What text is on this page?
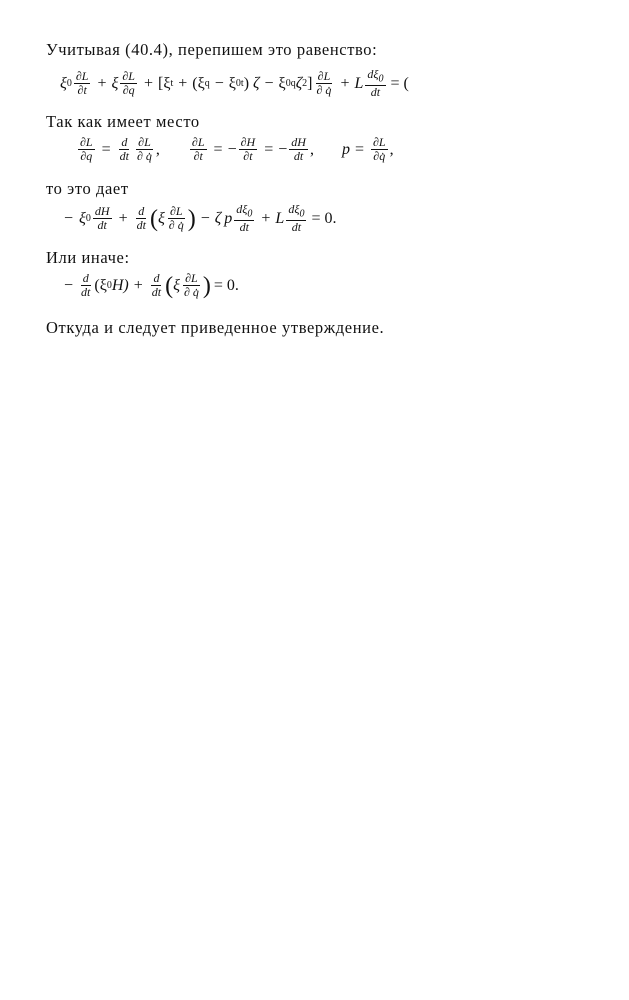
Учитывая (40.4), перепишем это равенство:
ξ $0 \frac{\partial L}{\partial t} + \xi \frac{\partial L}{\partial q} + [\xi$ t + (ξ q − ξ 0t ) ζ − ξ 0q ζ 2 ] $\frac{\partial L}{\partial q̇} + L \frac{d\xi_0}{dt}$ = (
Так как имеет место
$\frac{\partial L}{\partial q} = \frac{d}{dt} \frac{\partial L}{\partial q̇}$ ,	$\frac{\partial L}{\partial t}$ = − $\frac{\partial H}{\partial t}$ = − $\frac{dH}{dt}$ , $p = \frac{\partial L}{\partial q̇}$ ,
то это дает
− ξ $0 \frac{dH}{dt} + \frac{d}{dt}$ ( ξ $\frac{\partial L}{\partial q̇}$ ) − ζ p $\frac{d\xi_0}{dt} + L \frac{d\xi_0}{dt} = 0$.
Или иначе:
− $\frac{d}{dt} (\xi$ 0 $H) + \frac{d}{dt}$ ( ξ $\frac{\partial L}{\partial q̇}$ ) = 0.
Откуда и следует приведенное утверждение.
